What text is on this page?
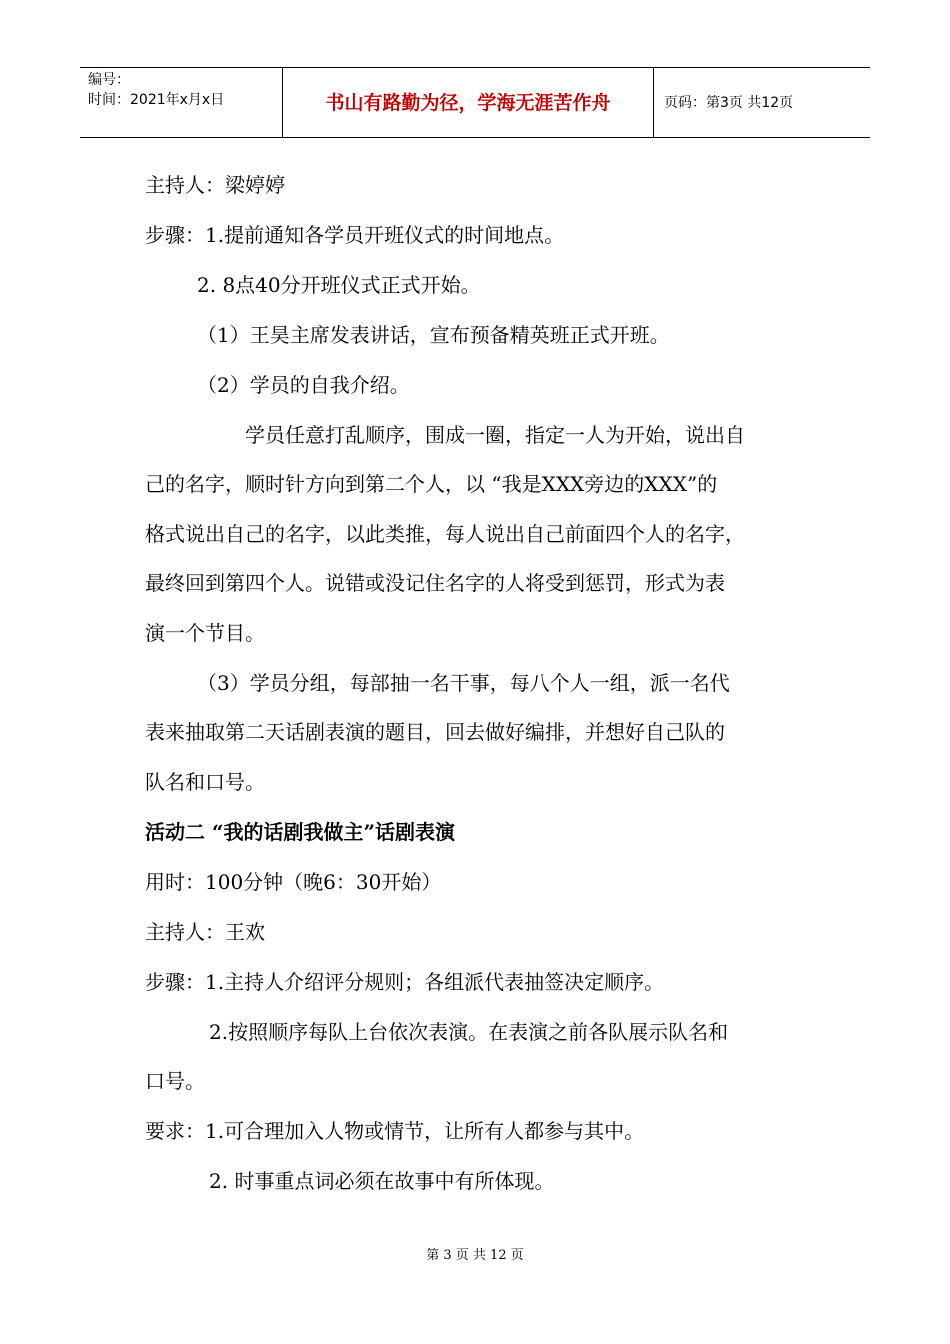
编号：
时间：2021年x月x日	书山有路勤为径，学海无涯苦作舟	页码：第3页 共12页
主持人：梁婷婷
步骤：1.提前通知各学员开班仪式的时间地点。
2. 8点40分开班仪式正式开始。
（1）王昊主席发表讲话，宣布预备精英班正式开班。
（2）学员的自我介绍。
学员任意打乱顺序，围成一圈，指定一人为开始，说出自
己的名字，顺时针方向到第二个人，以 “我是XXX旁边的XXX”的
格式说出自己的名字，以此类推，每人说出自己前面四个人的名字，
最终回到第四个人。说错或没记住名字的人将受到惩罚，形式为表
演一个节目。
（3）学员分组，每部抽一名干事，每八个人一组，派一名代
表来抽取第二天话剧表演的题目，回去做好编排，并想好自己队的
队名和口号。
活动二 “我的话剧我做主”话剧表演
用时：100分钟（晚6：30开始）
主持人：王欢
步骤：1.主持人介绍评分规则；各组派代表抽签决定顺序。
2.按照顺序每队上台依次表演。在表演之前各队展示队名和
口号。
要求：1.可合理加入人物或情节，让所有人都参与其中。
2. 时事重点词必须在故事中有所体现。
第 3 页 共 12 页
